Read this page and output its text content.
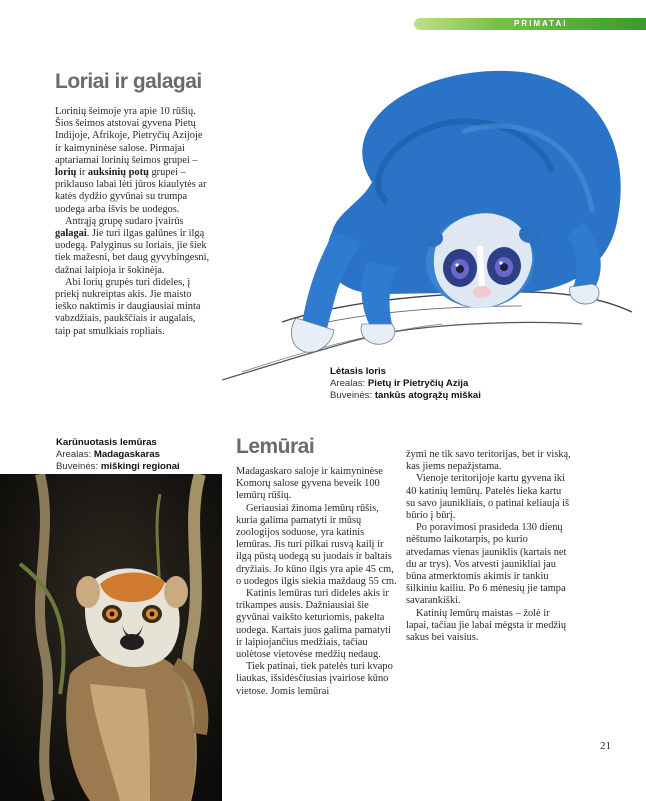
PRIMATAI
Loriai ir galagai

Lorinių šeimoje yra apie 10 rūšių. Šios šeimos atstovai gyvena Pietų Indijoje, Afrikoje, Pietryčių Azijoje ir kaimyninėse salose. Pirmajai aptariamai lorinių šeimos grupei – lorių ir auksinių potų grupei – priklauso labai lėti jūros kiaulytės ar katės dydžio gyvūnai su trumpa uodega arba išvis be uodegos.

Antrąją grupę sudaro įvairūs galagai. Jie turi ilgas galūnes ir ilgą uodegą. Palyginus su loriais, jie šiek tiek mažesni, bet daug gyvybingesni, dažnai laipioja ir šokinėja.

Abi lorių grupės turi dideles, į priekį nukreiptas akis. Jie maisto ieško naktimis ir daugiausiai minta vabzdžiais, paukščiais ir augalais, taip pat smulkiais ropliais.

Lėtasis loris
Arealas: Pietų ir Pietryčių Azija
Buveinės: tankūs atogrąžų miškai
Karūnuotasis lemūras
Arealas: Madagaskaras
Buveinės: miškingi regionai
Lemūrai

Madagaskaro saloje ir kaimyninėse Komorų salose gyvena beveik 100 lemūrų rūšių.

Geriausiai žinoma lemūrų rūšis, kuria galima pamatyti ir mūsų zoologijos soduose, yra katinis lemūras. Jis turi pilkai rusvą kailį ir ilgą pūstą uodegą su juodais ir baltais dryžiais. Jo kūno ilgis yra apie 45 cm, o uodegos ilgis siekia maždaug 55 cm.

Katinis lemūras turi dideles akis ir trikampes ausis. Dažniausiai šie gyvūnai vaikšto keturiomis, pakelta uodega. Kartais juos galima pamatyti ir laipiojančius medžiais, tačiau uolėtose vietovėse medžių nedaug.

Tiek patinai, tiek patelės turi kvapo liaukas, išsidėsčiusias įvairiose kūno vietose. Jomis lemūrai

žymi ne tik savo teritorijas, bet ir viską, kas jiems nepažįstama.

Vienoje teritorijoje kartu gyvena iki 40 katinių lemūrų. Patelės lieka kartu su savo jaunikliais, o patinai keliauja iš būrio į būrį.

Po poravimosi prasideda 130 dienų nėštumo laikotarpis, po kurio atvedamas vienas jauniklis (kartais net du ar trys). Vos atvesti jaunikliai jau būna atmerktomis akimis ir tankiu šilkiniu kailiu. Po 6 mėnesių jie tampa savarankiški.

Katinių lemūrų maistas – žolė ir lapai, tačiau jie labai mėgsta ir medžių sakus bei vaisius.

21
